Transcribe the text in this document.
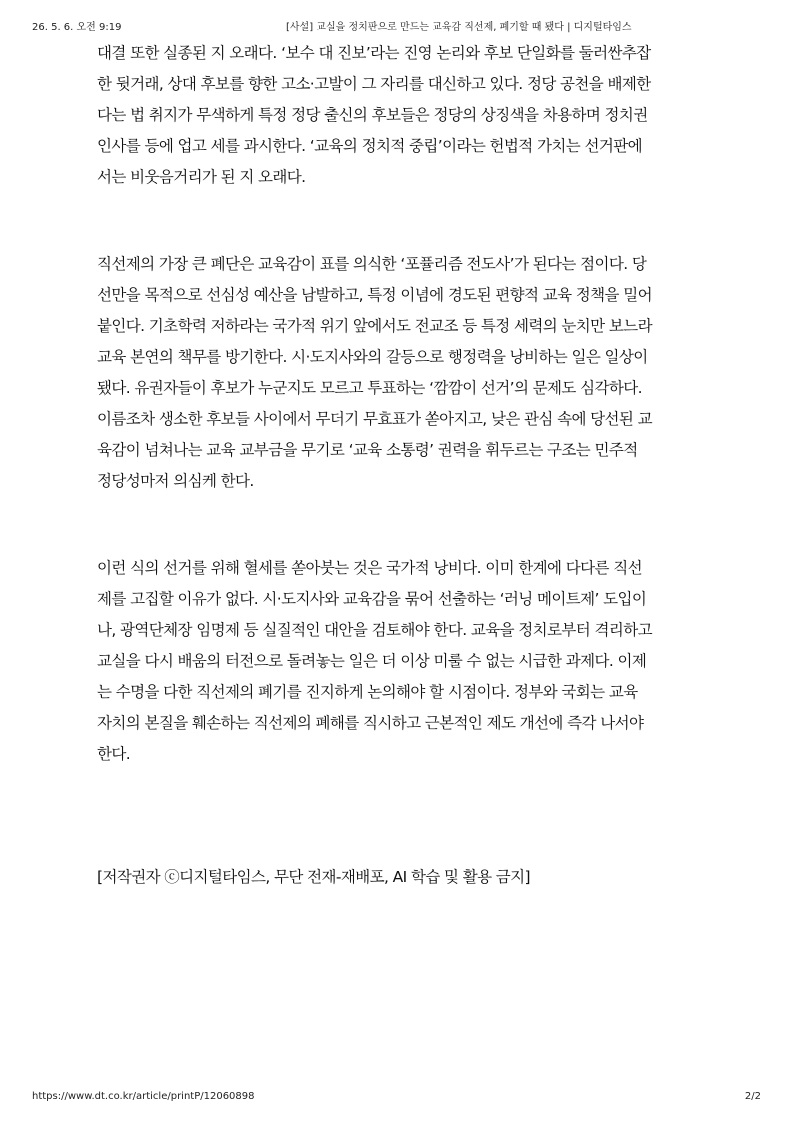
26. 5. 6. 오전 9:19	[사설] 교실을 정치판으로 만드는 교육감 직선제, 폐기할 때 됐다 | 디지털타임스

대결 또한 실종된 지 오래다. ‘보수 대 진보’라는 진영 논리와 후보 단일화를 둘러싼추잡
한 뒷거래, 상대 후보를 향한 고소·고발이 그 자리를 대신하고 있다. 정당 공천을 배제한
다는 법 취지가 무색하게 특정 정당 출신의 후보들은 정당의 상징색을 차용하며 정치권
인사를 등에 업고 세를 과시한다. ‘교육의 정치적 중립’이라는 헌법적 가치는 선거판에
서는 비웃음거리가 된 지 오래다.

직선제의 가장 큰 폐단은 교육감이 표를 의식한 ‘포퓰리즘 전도사’가 된다는 점이다. 당
선만을 목적으로 선심성 예산을 남발하고, 특정 이념에 경도된 편향적 교육 정책을 밀어
붙인다. 기초학력 저하라는 국가적 위기 앞에서도 전교조 등 특정 세력의 눈치만 보느라
교육 본연의 책무를 방기한다. 시·도지사와의 갈등으로 행정력을 낭비하는 일은 일상이
됐다. 유권자들이 후보가 누군지도 모르고 투표하는 ‘깜깜이 선거’의 문제도 심각하다.
이름조차 생소한 후보들 사이에서 무더기 무효표가 쏟아지고, 낮은 관심 속에 당선된 교
육감이 넘쳐나는 교육 교부금을 무기로 ‘교육 소통령’ 권력을 휘두르는 구조는 민주적
정당성마저 의심케 한다.

이런 식의 선거를 위해 혈세를 쏟아붓는 것은 국가적 낭비다. 이미 한계에 다다른 직선
제를 고집할 이유가 없다. 시·도지사와 교육감을 묶어 선출하는 ‘러닝 메이트제’ 도입이
나, 광역단체장 임명제 등 실질적인 대안을 검토해야 한다. 교육을 정치로부터 격리하고
교실을 다시 배움의 터전으로 돌려놓는 일은 더 이상 미룰 수 없는 시급한 과제다. 이제
는 수명을 다한 직선제의 폐기를 진지하게 논의해야 할 시점이다. 정부와 국회는 교육
자치의 본질을 훼손하는 직선제의 폐해를 직시하고 근본적인 제도 개선에 즉각 나서야
한다.

[저작권자 ⓒ디지털타임스, 무단 전재-재배포, AI 학습 및 활용 금지]
https://www.dt.co.kr/article/printP/12060898	2/2
